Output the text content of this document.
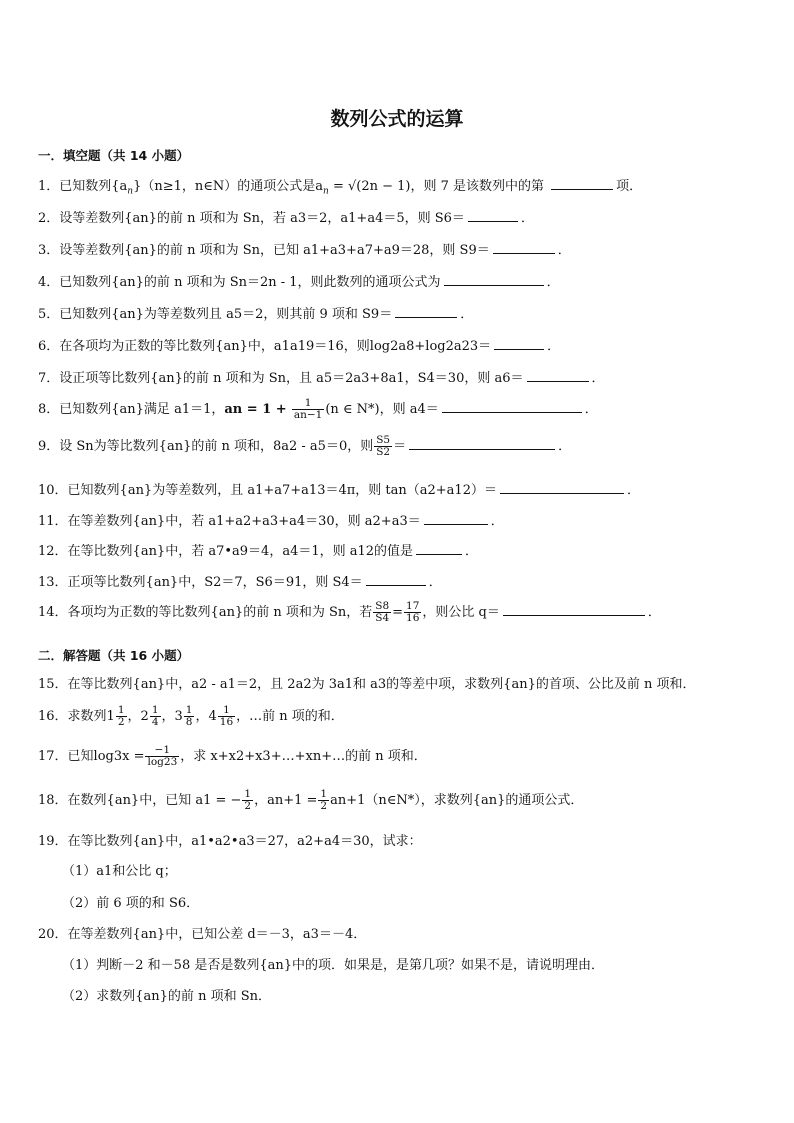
数列公式的运算
一．填空题（共 14 小题）
1．已知数列$\{a_n\}(n\ge 1$，n∈N）的通项公式是$a_n = √(2n - 1)$，则 7 是该数列中的第	项．
2．设等差数列{an}的前 n 项和为 Sn，若 a3＝2，a1+a4＝5，则 S6＝	．
3．设等差数列{an}的前 n 项和为 Sn，已知 a1+a3+a7+a9＝28，则 S9＝	．
4．已知数列{an}的前 n 项和为 Sn＝2n ‐ 1，则此数列的通项公式为	．
5．已知数列{an}为等差数列且 a5＝2，则其前 9 项和 S9＝	．
6．在各项均为正数的等比数列{an}中，a1a19＝16，则log2a8+log2a23＝	．
7．设正项等比数列{an}的前 n 项和为 Sn，且 a5＝2a3+8a1，S4＝30，则 a6＝	．
8．已知数列{an}满足 a1＝1，an = $1 + \frac{1}{an-1} (n$ ∈ N*)，则 a4＝	．
9．设 Sn为等比数列{an}的前 n 项和，8a2 ‐ a5＝0，则 $\frac{S5}{S2}$ ＝	．
10．已知数列{an}为等差数列，且 a1+a7+a13＝4π，则 tan（a2+a12）＝	．
11．在等差数列{an}中，若 a1+a2+a3+a4＝30，则 a2+a3＝	．
12．在等比数列{an}中，若 a7•a9＝4，a4＝1，则 a12的值是	．
13．正项等比数列{an}中，S2＝7，S6＝91，则 S4＝	．
14．各项均为正数的等比数列{an}的前 n 项和为 Sn，若 $\frac{S8}{S4} = \frac{17}{16}$ ，则公比 q＝	．
二．解答题（共 16 小题）
15．在等比数列{an}中，a2 ‐ a1＝2，且 2a2为 3a1和 a3的等差中项，求数列{an}的首项、公比及前 n 项和．
16．求数列$1 \frac{1}{2}$ ，$2 \frac{1}{4}$ ，$3 \frac{1}{8}$ ，$4 \frac{1}{16}$ ，…前 n 项的和．
17．已知$\log 3x = \frac{-1}{\log 23}$ ，求 x+x2+x3+…+xn+…的前 n 项和．
18．在数列{an}中，已知 a1 = − $\frac{1}{2}$ ，$an+1 = \frac{1}{2}$ an+1（n∈N*），求数列{an}的通项公式．
19．在等比数列{an}中，a1•a2•a3＝27，a2+a4＝30，试求：
（1）a1和公比 q；
（2）前 6 项的和 S6．
20．在等差数列{an}中，已知公差 d＝－3，a3＝－4．
（1）判断－2 和－58 是否是数列{an}中的项．如果是，是第几项？如果不是，请说明理由．
（2）求数列{an}的前 n 项和 Sn．
